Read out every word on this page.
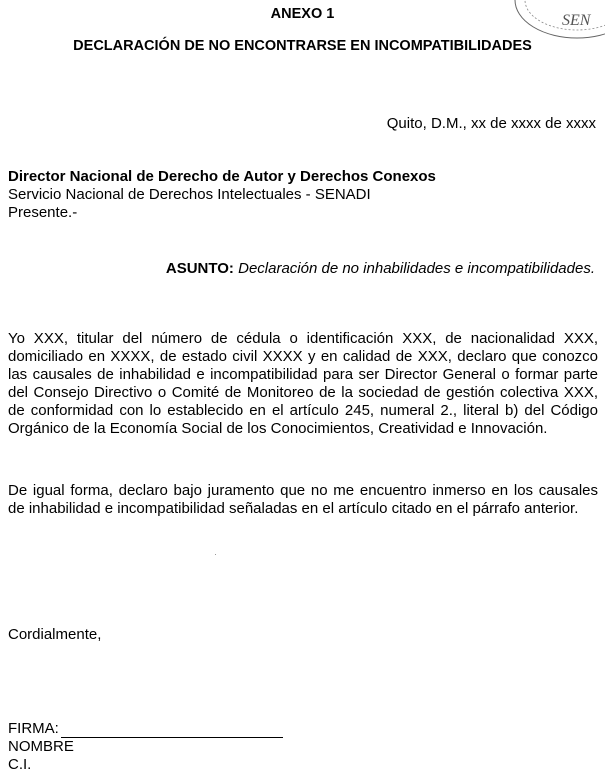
SEN
ANEXO 1
DECLARACIÓN DE NO ENCONTRARSE EN INCOMPATIBILIDADES
Quito, D.M., xx de xxxx de xxxx
Director Nacional de Derecho de Autor y Derechos Conexos
Servicio Nacional de Derechos Intelectuales - SENADI
Presente.-
ASUNTO: Declaración de no inhabilidades e incompatibilidades.
Yo XXX, titular del número de cédula o identificación XXX, de nacionalidad XXX, domiciliado en XXXX, de estado civil XXXX y en calidad de XXX, declaro que conozco las causales de inhabilidad e incompatibilidad para ser Director General o formar parte del Consejo Directivo o Comité de Monitoreo de la sociedad de gestión colectiva XXX, de conformidad con lo establecido en el artículo 245, numeral 2., literal b) del Código Orgánico de la Economía Social de los Conocimientos, Creatividad e Innovación.
De igual forma, declaro bajo juramento que no me encuentro inmerso en los causales de inhabilidad e incompatibilidad señaladas en el artículo citado en el párrafo anterior.
Cordialmente,
FIRMA:
NOMBRE
C.I.
